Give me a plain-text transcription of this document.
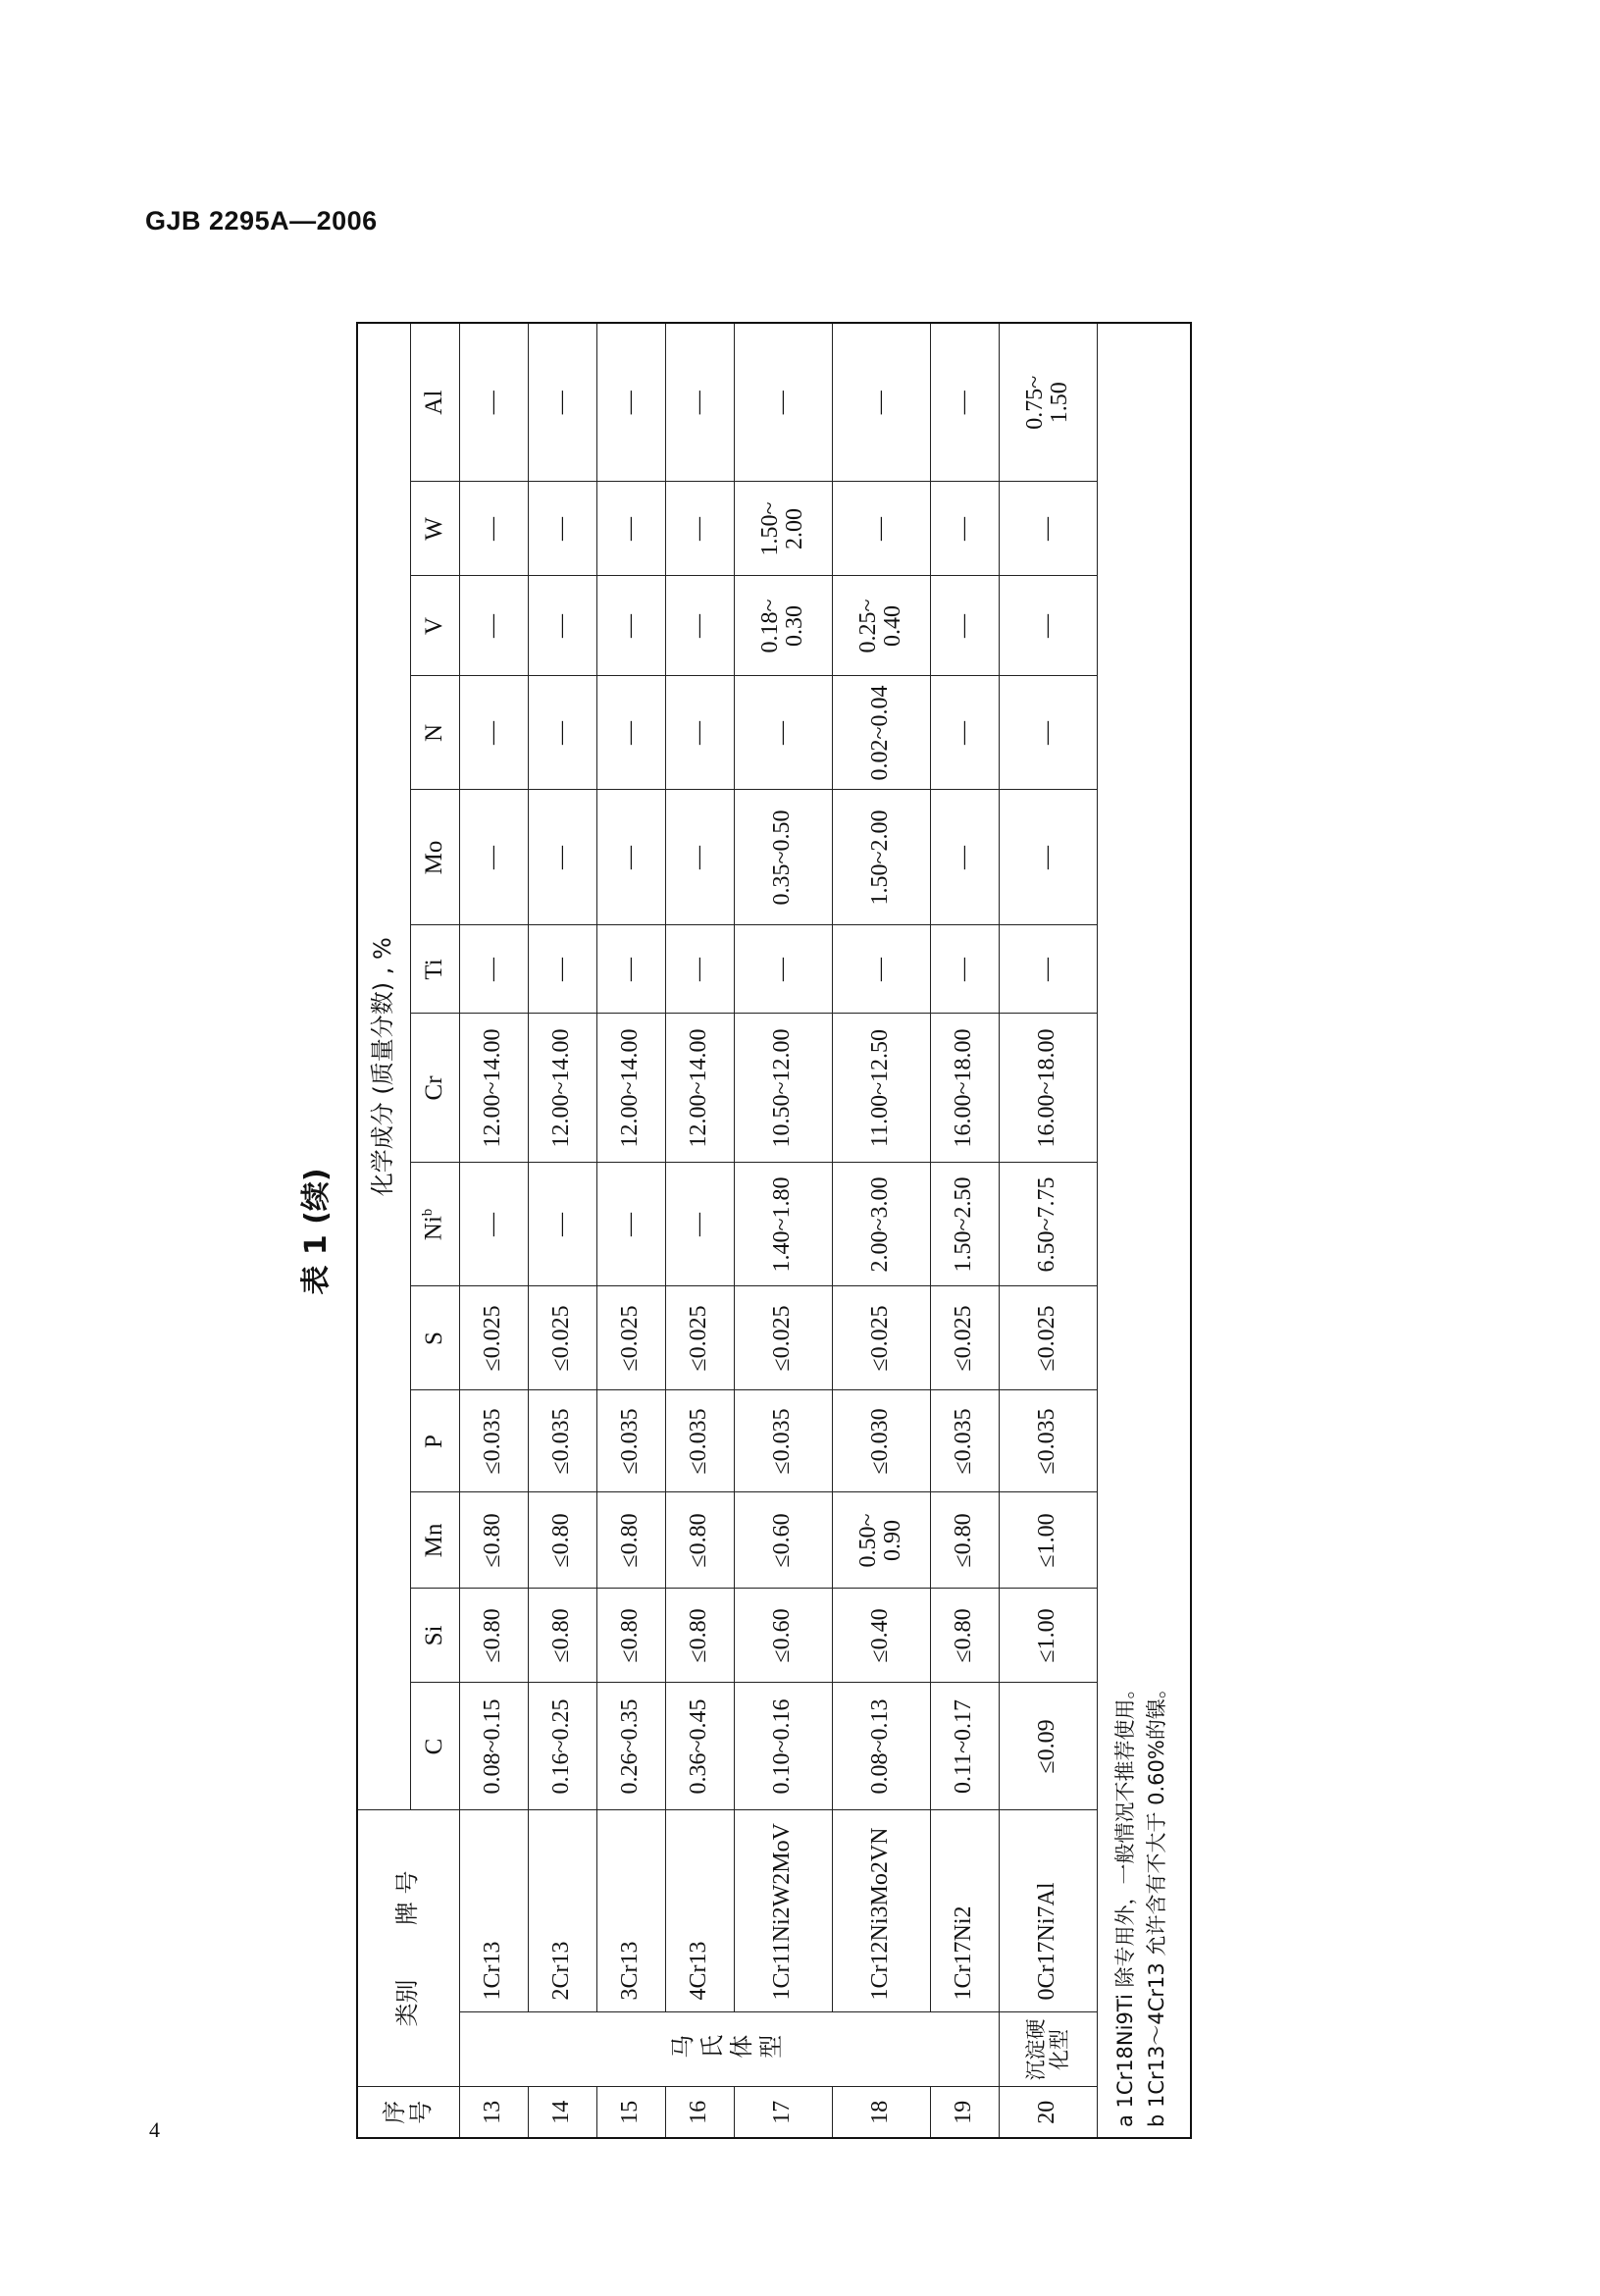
GJB 2295A—2006
4
表 1 (续)
序号	类别  牌 号		化学成分 (质量分数) , %												
			C	Si	Mn	P	S	Ni$^b$	Cr	Ti	Mo	N	V	W	Al
13	马氏体型	1Cr13	0.08~0.15	≤0.80	≤0.80	≤0.035	≤0.025	—	12.00~14.00	—	—	—	—	—	—
14		2Cr13	0.16~0.25	≤0.80	≤0.80	≤0.035	≤0.025	—	12.00~14.00	—	—	—	—	—	—
15		3Cr13	0.26~0.35	≤0.80	≤0.80	≤0.035	≤0.025	—	12.00~14.00	—	—	—	—	—	—
16		4Cr13	0.36~0.45	≤0.80	≤0.80	≤0.035	≤0.025	—	12.00~14.00	—	—	—	—	—	—
17		1Cr11Ni2W2MoV	0.10~0.16	≤0.60	≤0.60	≤0.035	≤0.025	1.40~1.80	10.50~12.00	—	0.35~0.50	—	0.18~
0.30	1.50~
2.00	—
18		1Cr12Ni3Mo2VN	0.08~0.13	≤0.40	0.50~
0.90	≤0.030	≤0.025	2.00~3.00	11.00~12.50	—	1.50~2.00	0.02~0.04	0.25~
0.40	—	—
19		1Cr17Ni2	0.11~0.17	≤0.80	≤0.80	≤0.035	≤0.025	1.50~2.50	16.00~18.00	—	—	—	—	—	—
20	沉淀硬化型	0Cr17Ni7Al	≤0.09	≤1.00	≤1.00	≤0.035	≤0.025	6.50~7.75	16.00~18.00	—	—	—	—	—	0.75~
1.50

a 1Cr18Ni9Ti 除专用外，一般情况不推荐使用。 b 1Cr13～4Cr13 允许含有不大于 0.60%的镍。															
